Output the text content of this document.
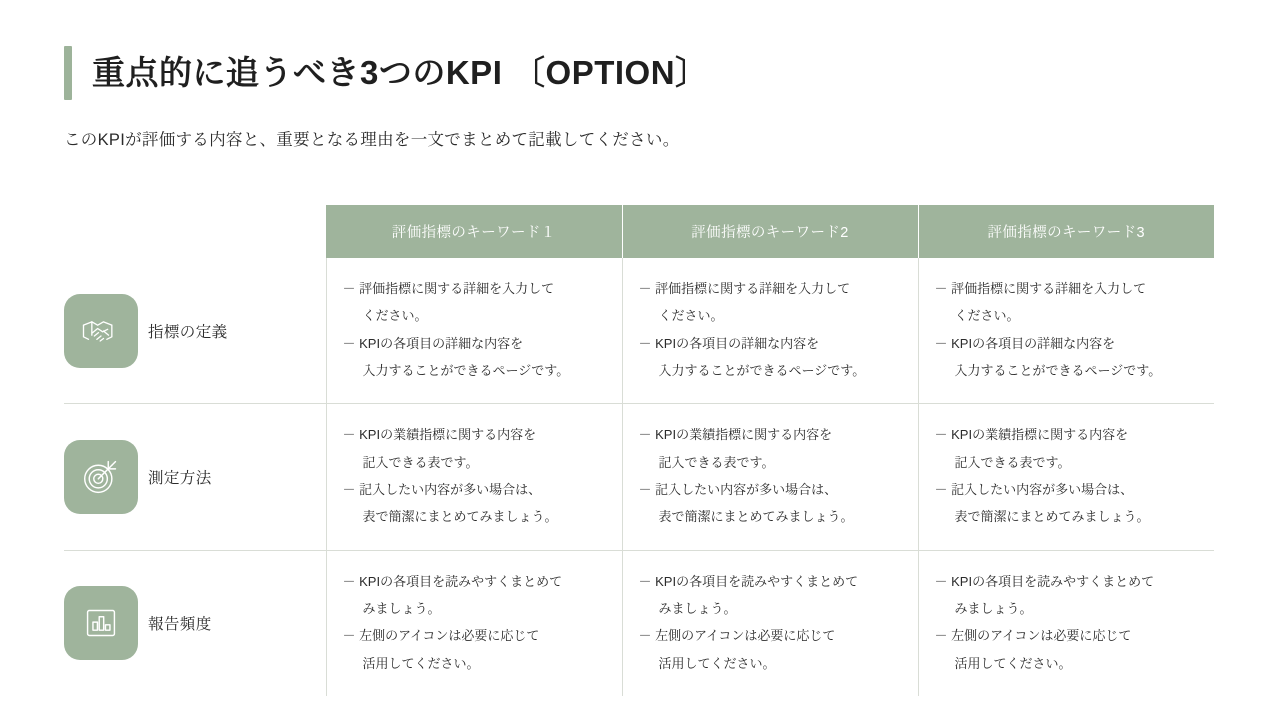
重点的に追うべき3つのKPI 〔OPTION〕
このKPIが評価する内容と、重要となる理由を一文でまとめて記載してください。
		評価指標のキーワード１	評価指標のキーワード2	評価指標のキーワード3

	指標の定義	－ 評価指標に関する詳細を入力して
ください。
－ KPIの各項目の詳細な内容を
入力することができるページです。	－ 評価指標に関する詳細を入力して
ください。
－ KPIの各項目の詳細な内容を
入力することができるページです。	－ 評価指標に関する詳細を入力して
ください。
－ KPIの各項目の詳細な内容を
入力することができるページです。

	測定方法	－ KPIの業績指標に関する内容を
記入できる表です。
－ 記入したい内容が多い場合は、
表で簡潔にまとめてみましょう。	－ KPIの業績指標に関する内容を
記入できる表です。
－ 記入したい内容が多い場合は、
表で簡潔にまとめてみましょう。	－ KPIの業績指標に関する内容を
記入できる表です。
－ 記入したい内容が多い場合は、
表で簡潔にまとめてみましょう。

	報告頻度	－ KPIの各項目を読みやすくまとめて
みましょう。
－ 左側のアイコンは必要に応じて
活用してください。	－ KPIの各項目を読みやすくまとめて
みましょう。
－ 左側のアイコンは必要に応じて
活用してください。	－ KPIの各項目を読みやすくまとめて
みましょう。
－ 左側のアイコンは必要に応じて
活用してください。
